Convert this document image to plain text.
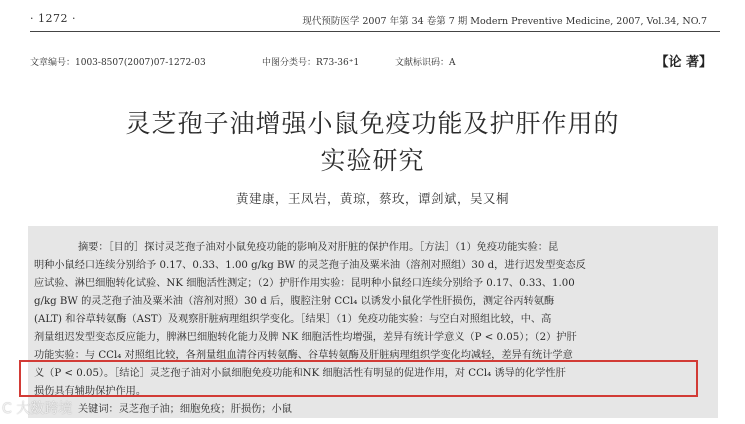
· 1272 ·	现代预防医学 2007 年第 34 卷第 7 期 Modern Preventive Medicine, 2007, Vol.34, NO.7
文章编号：1003-8507(2007)07-1272-03	中图分类号：R73-36⁺1	文献标识码：A	【论 著】
灵芝孢子油增强小鼠免疫功能及护肝作用的
实验研究
黄建康，王凤岩，黄琼，蔡玫，谭剑斌，吴又桐
摘要：［目的］探讨灵芝孢子油对小鼠免疫功能的影响及对肝脏的保护作用。［方法］（1）免疫功能实验：昆
明种小鼠经口连续分别给予 0.17、0.33、1.00 g/kg BW 的灵芝孢子油及粟米油（溶剂对照组）30 d，进行迟发型变态反
应试验、淋巴细胞转化试验、NK 细胞活性测定；（2）护肝作用实验：昆明种小鼠经口连续分别给予 0.17、0.33、1.00
g/kg BW 的灵芝孢子油及粟米油（溶剂对照）30 d 后，腹腔注射 CCl₄ 以诱发小鼠化学性肝损伤，测定谷丙转氨酶
(ALT) 和谷草转氨酶（AST）及观察肝脏病理组织学变化。［结果］（1）免疫功能实验：与空白对照组比较，中、高
剂量组迟发型变态反应能力，脾淋巴细胞转化能力及脾 NK 细胞活性均增强，差异有统计学意义（P < 0.05）；（2）护肝
功能实验：与 CCl₄ 对照组比较，各剂量组血清谷丙转氨酶、谷草转氨酶及肝脏病理组织学变化均减轻，差异有统计学意
义（P < 0.05）。［结论］灵芝孢子油对小鼠细胞免疫功能和NK 细胞活性有明显的促进作用，对 CCl₄ 诱导的化学性肝
损伤具有辅助保护作用。
关键词：灵芝孢子油；细胞免疫；肝损伤；小鼠
C 大数跨境
